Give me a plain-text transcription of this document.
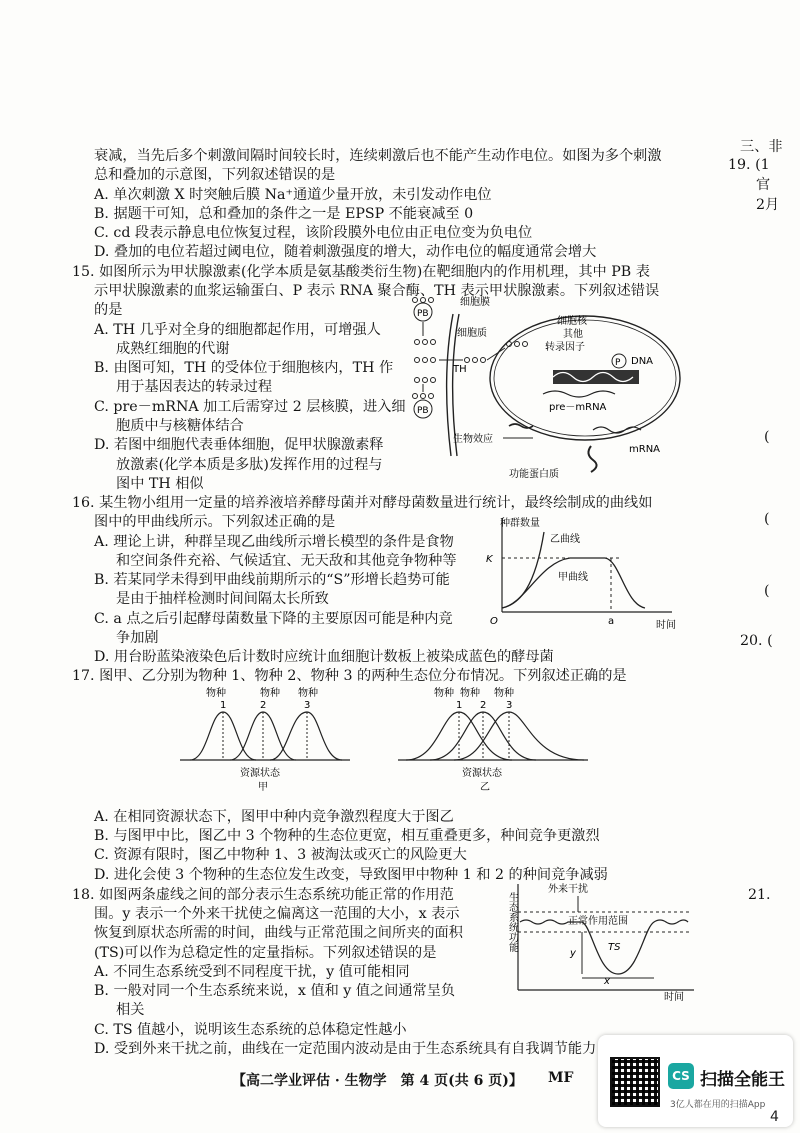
衰减，当先后多个刺激间隔时间较长时，连续刺激后也不能产生动作电位。如图为多个刺激
总和叠加的示意图，下列叙述错误的是
A. 单次刺激 X 时突触后膜 Na⁺通道少量开放，未引发动作电位
B. 据题干可知，总和叠加的条件之一是 EPSP 不能衰减至 0
C. cd 段表示静息电位恢复过程，该阶段膜外电位由正电位变为负电位
D. 叠加的电位若超过阈电位，随着刺激强度的增大，动作电位的幅度通常会增大
15. 如图所示为甲状腺激素(化学本质是氨基酸类衍生物)在靶细胞内的作用机理，其中 PB 表
示甲状腺激素的血浆运输蛋白、P 表示 RNA 聚合酶、TH 表示甲状腺激素。下列叙述错误
的是
A. TH 几乎对全身的细胞都起作用，可增强人
成熟红细胞的代谢
B. 由图可知，TH 的受体位于细胞核内，TH 作
用于基因表达的转录过程
C. pre－mRNA 加工后需穿过 2 层核膜，进入细
胞质中与核糖体结合
D. 若图中细胞代表垂体细胞，促甲状腺激素释
放激素(化学本质是多肽)发挥作用的过程与
图中 TH 相似
PB
PB
细胞膜
细胞质
TH
细胞核
其他
转录因子
P DNA
pre－mRNA
mRNA
功能蛋白质
生物效应
16. 某生物小组用一定量的培养液培养酵母菌并对酵母菌数量进行统计，最终绘制成的曲线如
图中的甲曲线所示。下列叙述正确的是
A. 理论上讲，种群呈现乙曲线所示增长模型的条件是食物
和空间条件充裕、气候适宜、无天敌和其他竞争物种等
B. 若某同学未得到甲曲线前期所示的“S”形增长趋势可能
是由于抽样检测时间间隔太长所致
C. a 点之后引起酵母菌数量下降的主要原因可能是种内竞
争加剧
D. 用台盼蓝染液染色后计数时应统计血细胞计数板上被染成蓝色的酵母菌
种群数量
K
乙曲线
甲曲线
O	a	时间
17. 图甲、乙分别为物种 1、物种 2、物种 3 的两种生态位分布情况。下列叙述正确的是
物种	物种 物种
1	2	3
资源状态
甲
物种 物种 物种
1 2 3
资源状态
乙
A. 在相同资源状态下，图甲中种内竞争激烈程度大于图乙
B. 与图甲中比，图乙中 3 个物种的生态位更宽，相互重叠更多，种间竞争更激烈
C. 资源有限时，图乙中物种 1、3 被淘汰或灭亡的风险更大
D. 进化会使 3 个物种的生态位发生改变，导致图甲中物种 1 和 2 的种间竞争减弱
18. 如图两条虚线之间的部分表示生态系统功能正常的作用范
围。y 表示一个外来干扰使之偏离这一范围的大小，x 表示
恢复到原状态所需的时间，曲线与正常范围之间所夹的面积
(TS)可以作为总稳定性的定量指标。下列叙述错误的是
A. 不同生态系统受到不同程度干扰，y 值可能相同
B. 一般对同一个生态系统来说，x 值和 y 值之间通常呈负
相关
C. TS 值越小，说明该生态系统的总体稳定性越小
D. 受到外来干扰之前，曲线在一定范围内波动是由于生态系统具有自我调节能力
生态系统功能
外来干扰
正常作用范围
y
TS
x
时间
三、非
19. (1
官
2月
(
(
(
20. (
21.
【高二学业评估 · 生物学　第 4 页(共 6 页)】 MF	CS 扫描全能王
3亿人都在用的扫描App
4
